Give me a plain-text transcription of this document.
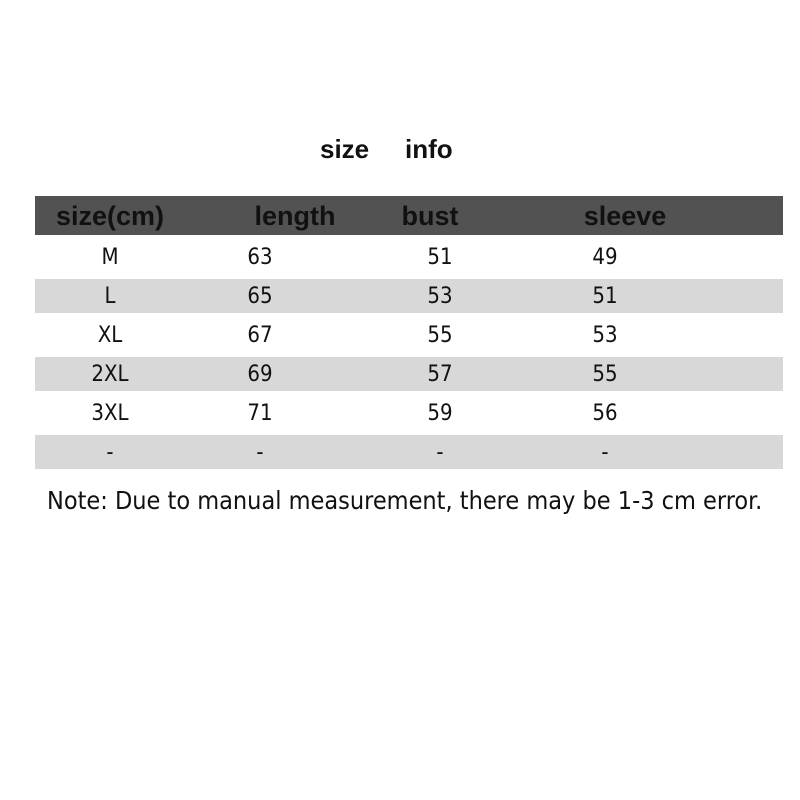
size info
size(cm)	length	bust	sleeve
M	63	51	49
L	65	53	51
XL	67	55	53
2XL	69	57	55
3XL	71	59	56
-	-	-	-
Note: Due to manual measurement, there may be 1-3 cm error.
